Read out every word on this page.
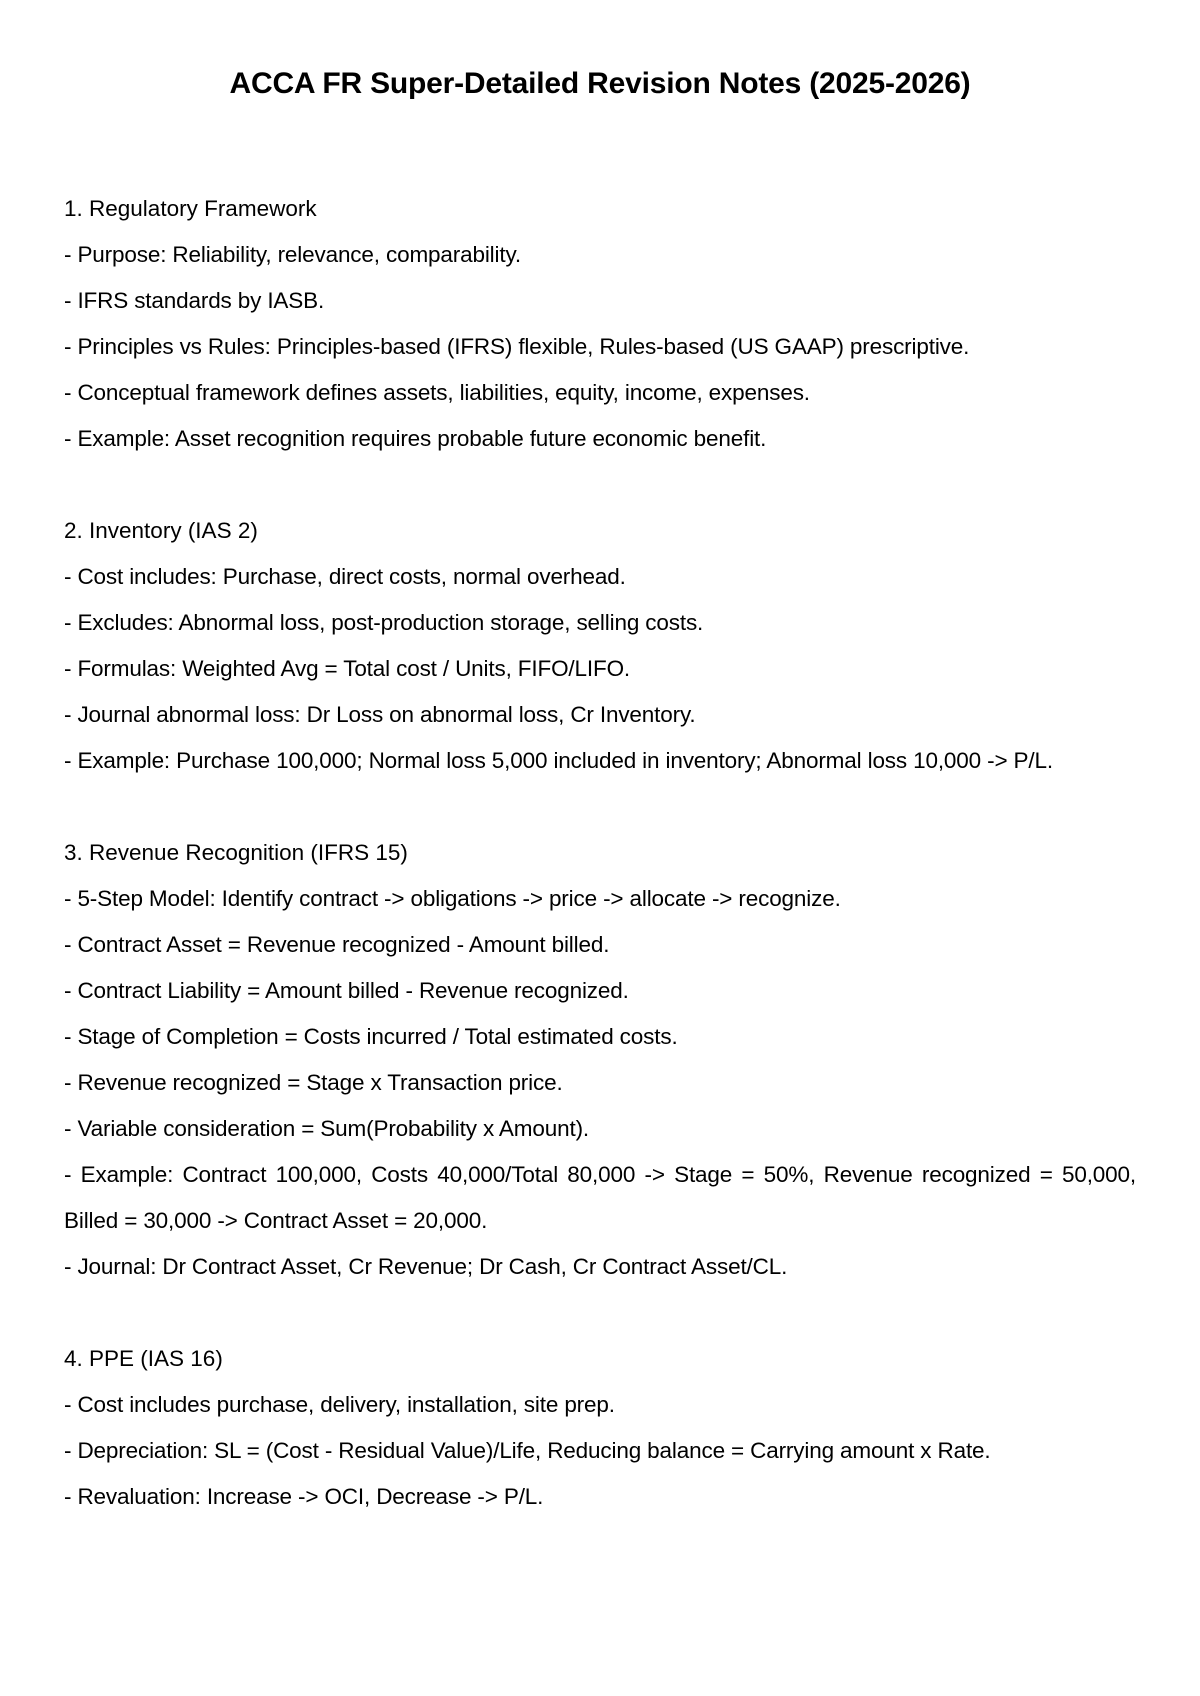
ACCA FR Super-Detailed Revision Notes (2025-2026)
1. Regulatory Framework
- Purpose: Reliability, relevance, comparability.
- IFRS standards by IASB.
- Principles vs Rules: Principles-based (IFRS) flexible, Rules-based (US GAAP) prescriptive.
- Conceptual framework defines assets, liabilities, equity, income, expenses.
- Example: Asset recognition requires probable future economic benefit.
2. Inventory (IAS 2)
- Cost includes: Purchase, direct costs, normal overhead.
- Excludes: Abnormal loss, post-production storage, selling costs.
- Formulas: Weighted Avg = Total cost / Units, FIFO/LIFO.
- Journal abnormal loss: Dr Loss on abnormal loss, Cr Inventory.
- Example: Purchase 100,000; Normal loss 5,000 included in inventory; Abnormal loss 10,000 -> P/L.
3. Revenue Recognition (IFRS 15)
- 5-Step Model: Identify contract -> obligations -> price -> allocate -> recognize.
- Contract Asset = Revenue recognized - Amount billed.
- Contract Liability = Amount billed - Revenue recognized.
- Stage of Completion = Costs incurred / Total estimated costs.
- Revenue recognized = Stage x Transaction price.
- Variable consideration = Sum(Probability x Amount).
- Example: Contract 100,000, Costs 40,000/Total 80,000 -> Stage = 50%, Revenue recognized = 50,000, Billed = 30,000 -> Contract Asset = 20,000.
- Journal: Dr Contract Asset, Cr Revenue; Dr Cash, Cr Contract Asset/CL.
4. PPE (IAS 16)
- Cost includes purchase, delivery, installation, site prep.
- Depreciation: SL = (Cost - Residual Value)/Life, Reducing balance = Carrying amount x Rate.
- Revaluation: Increase -> OCI, Decrease -> P/L.
